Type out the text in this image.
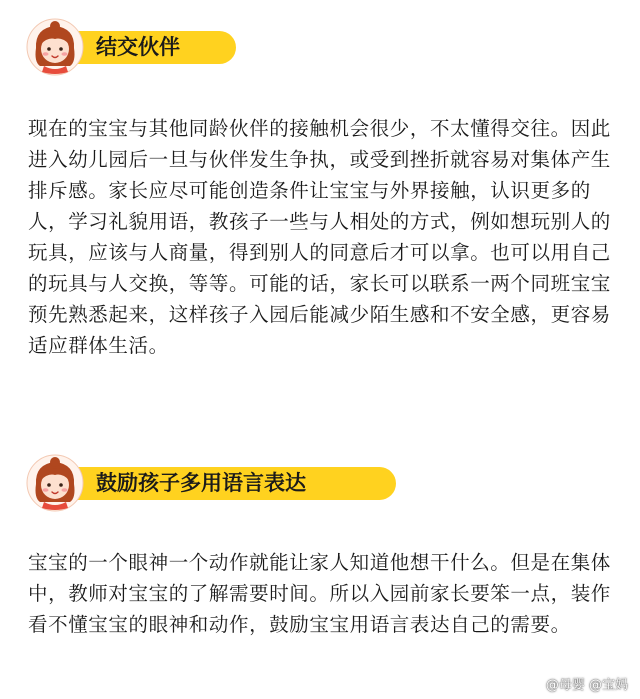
结交伙伴

现在的宝宝与其他同龄伙伴的接触机会很少，不太懂得交往。因此进入幼儿园后一旦与伙伴发生争执，或受到挫折就容易对集体产生排斥感。家长应尽可能创造条件让宝宝与外界接触，认识更多的人，学习礼貌用语，教孩子一些与人相处的方式，例如想玩别人的玩具，应该与人商量，得到别人的同意后才可以拿。也可以用自己的玩具与人交换，等等。可能的话，家长可以联系一两个同班宝宝预先熟悉起来，这样孩子入园后能减少陌生感和不安全感，更容易适应群体生活。

鼓励孩子多用语言表达

宝宝的一个眼神一个动作就能让家人知道他想干什么。但是在集体中，教师对宝宝的了解需要时间。所以入园前家长要笨一点，装作看不懂宝宝的眼神和动作，鼓励宝宝用语言表达自己的需要。

@母婴 @宝妈
